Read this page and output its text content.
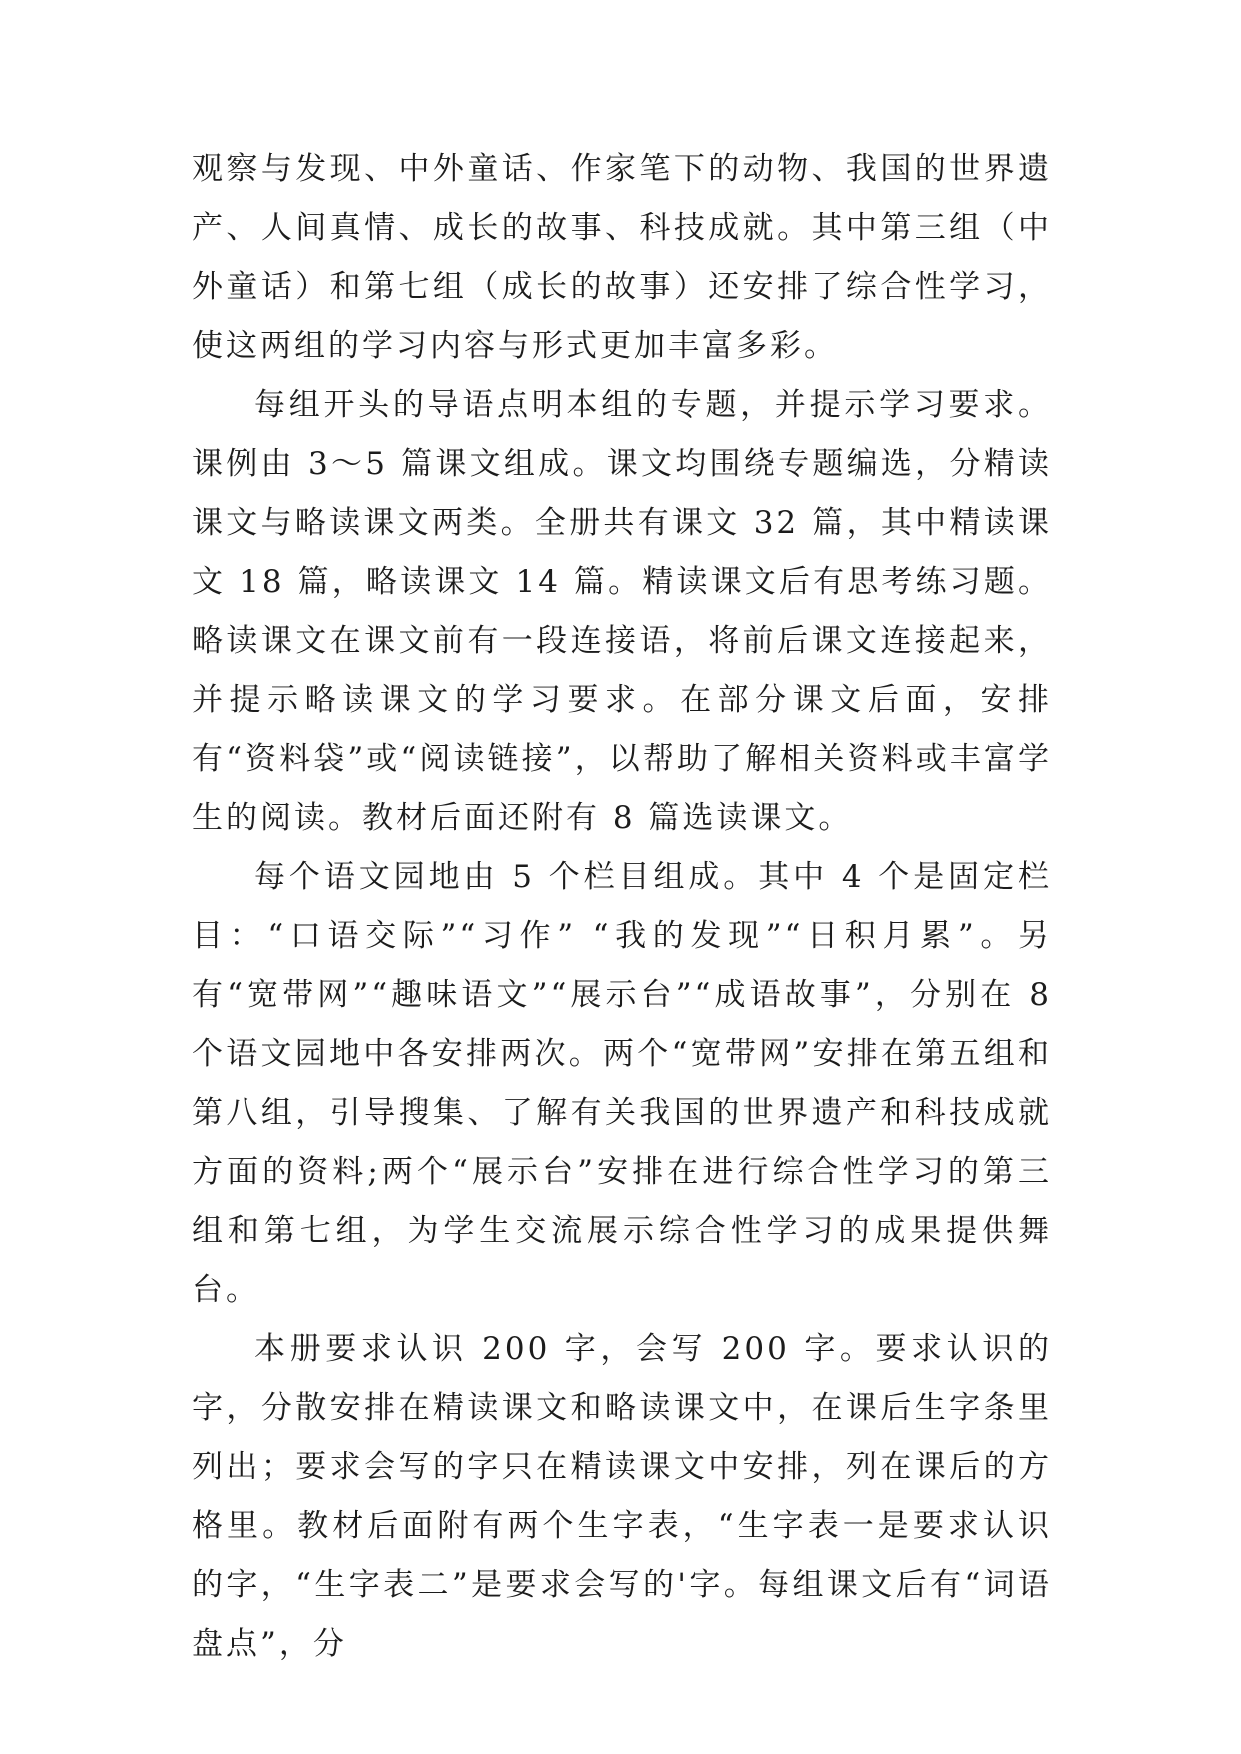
观察与发现、中外童话、作家笔下的动物、我国的世界遗产、人间真情、成长的故事、科技成就。其中第三组（中外童话）和第七组（成长的故事）还安排了综合性学习，使这两组的学习内容与形式更加丰富多彩。

每组开头的导语点明本组的专题，并提示学习要求。课例由 3～5 篇课文组成。课文均围绕专题编选，分精读课文与略读课文两类。全册共有课文 32 篇，其中精读课文 18 篇，略读课文 14 篇。精读课文后有思考练习题。略读课文在课文前有一段连接语，将前后课文连接起来，并提示略读课文的学习要求。在部分课文后面，安排有“资料袋”或“阅读链接”，以帮助了解相关资料或丰富学生的阅读。教材后面还附有 8 篇选读课文。

每个语文园地由 5 个栏目组成。其中 4 个是固定栏目：“口语交际”“习作” “我的发现”“日积月累”。另有“宽带网”“趣味语文”“展示台”“成语故事”，分别在 8 个语文园地中各安排两次。两个“宽带网”安排在第五组和第八组，引导搜集、了解有关我国的世界遗产和科技成就方面的资料;两个“展示台”安排在进行综合性学习的第三组和第七组，为学生交流展示综合性学习的成果提供舞台。

本册要求认识 200 字，会写 200 字。要求认识的字，分散安排在精读课文和略读课文中，在课后生字条里列出；要求会写的字只在精读课文中安排，列在课后的方格里。教材后面附有两个生字表，“生字表一是要求认识的字，“生字表二”是要求会写的'字。每组课文后有“词语盘点”，分
